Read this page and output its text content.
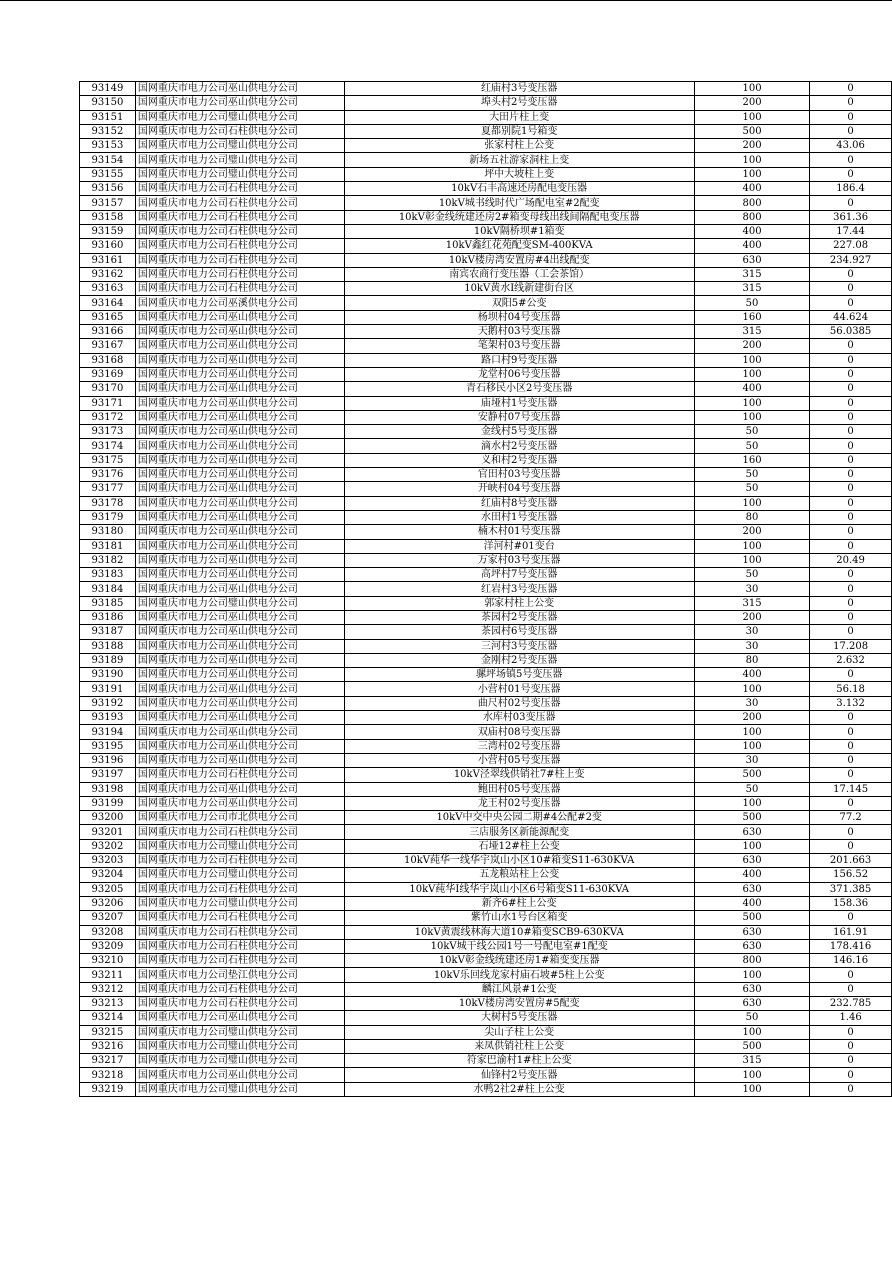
93149	国网重庆市电力公司巫山供电分公司	红庙村3号变压器	100	0
93150	国网重庆市电力公司巫山供电分公司	埠头村2号变压器	200	0
93151	国网重庆市电力公司璧山供电分公司	大田片柱上变	100	0
93152	国网重庆市电力公司石柱供电分公司	夏都别院1号箱变	500	0
93153	国网重庆市电力公司璧山供电分公司	张家村柱上公变	200	43.06
93154	国网重庆市电力公司璧山供电分公司	新场五社游家洞柱上变	100	0
93155	国网重庆市电力公司璧山供电分公司	坪中大坡柱上变	100	0
93156	国网重庆市电力公司石柱供电分公司	10kV石丰高速还房配电变压器	400	186.4
93157	国网重庆市电力公司石柱供电分公司	10kV城书线时代广场配电室#2配变	800	0
93158	国网重庆市电力公司石柱供电分公司	10kV彰金线统建还房2#箱变母线出线间隔配电变压器	800	361.36
93159	国网重庆市电力公司石柱供电分公司	10kV隔桥坝#1箱变	400	17.44
93160	国网重庆市电力公司石柱供电分公司	10kV鑫红花苑配变SM-400KVA	400	227.08
93161	国网重庆市电力公司石柱供电分公司	10kV楼房湾安置房#4出线配变	630	234.927
93162	国网重庆市电力公司石柱供电分公司	南宾农商行变压器（工会茶馆）	315	0
93163	国网重庆市电力公司石柱供电分公司	10kV黄水Ⅰ线新建街台区	315	0
93164	国网重庆市电力公司巫溪供电分公司	双阳5#公变	50	0
93165	国网重庆市电力公司巫山供电分公司	杨坝村04号变压器	160	44.624
93166	国网重庆市电力公司巫山供电分公司	天鹅村03号变压器	315	56.0385
93167	国网重庆市电力公司巫山供电分公司	笔架村03号变压器	200	0
93168	国网重庆市电力公司巫山供电分公司	路口村9号变压器	100	0
93169	国网重庆市电力公司巫山供电分公司	龙堂村06号变压器	100	0
93170	国网重庆市电力公司巫山供电分公司	青石移民小区2号变压器	400	0
93171	国网重庆市电力公司巫山供电分公司	庙垭村1号变压器	100	0
93172	国网重庆市电力公司巫山供电分公司	安静村07号变压器	100	0
93173	国网重庆市电力公司巫山供电分公司	金线村5号变压器	50	0
93174	国网重庆市电力公司巫山供电分公司	滴水村2号变压器	50	0
93175	国网重庆市电力公司巫山供电分公司	义和村2号变压器	160	0
93176	国网重庆市电力公司巫山供电分公司	官田村03号变压器	50	0
93177	国网重庆市电力公司巫山供电分公司	开峡村04号变压器	50	0
93178	国网重庆市电力公司巫山供电分公司	红庙村8号变压器	100	0
93179	国网重庆市电力公司巫山供电分公司	水田村1号变压器	80	0
93180	国网重庆市电力公司巫山供电分公司	楠木村01号变压器	200	0
93181	国网重庆市电力公司巫山供电分公司	洋河村#01变台	100	0
93182	国网重庆市电力公司巫山供电分公司	万家村03号变压器	100	20.49
93183	国网重庆市电力公司巫山供电分公司	高坪村7号变压器	50	0
93184	国网重庆市电力公司巫山供电分公司	红岩村3号变压器	30	0
93185	国网重庆市电力公司璧山供电分公司	郭家村柱上公变	315	0
93186	国网重庆市电力公司巫山供电分公司	茶园村2号变压器	200	0
93187	国网重庆市电力公司巫山供电分公司	茶园村6号变压器	30	0
93188	国网重庆市电力公司巫山供电分公司	三河村3号变压器	30	17.208
93189	国网重庆市电力公司巫山供电分公司	金刚村2号变压器	80	2.632
93190	国网重庆市电力公司巫山供电分公司	骡坪场镇5号变压器	400	0
93191	国网重庆市电力公司巫山供电分公司	小营村01号变压器	100	56.18
93192	国网重庆市电力公司巫山供电分公司	曲尺村02号变压器	30	3.132
93193	国网重庆市电力公司巫山供电分公司	水库村03变压器	200	0
93194	国网重庆市电力公司巫山供电分公司	双庙村08号变压器	100	0
93195	国网重庆市电力公司巫山供电分公司	三湾村02号变压器	100	0
93196	国网重庆市电力公司巫山供电分公司	小营村05号变压器	30	0
93197	国网重庆市电力公司石柱供电分公司	10kV泾翠线供销社7#柱上变	500	0
93198	国网重庆市电力公司巫山供电分公司	鲍田村05号变压器	50	17.145
93199	国网重庆市电力公司巫山供电分公司	龙王村02号变压器	100	0
93200	国网重庆市电力公司市北供电分公司	10kV中交中央公园二期#4公配#2变	500	77.2
93201	国网重庆市电力公司石柱供电分公司	三店服务区新能源配变	630	0
93202	国网重庆市电力公司璧山供电分公司	石垭12#柱上公变	100	0
93203	国网重庆市电力公司石柱供电分公司	10kV莼华一线华宇岚山小区10#箱变S11-630KVA	630	201.663
93204	国网重庆市电力公司璧山供电分公司	五龙粮站柱上公变	400	156.52
93205	国网重庆市电力公司石柱供电分公司	10kV莼华Ⅰ线华宇岚山小区6号箱变S11-630KVA	630	371.385
93206	国网重庆市电力公司璧山供电分公司	新齐6#柱上公变	400	158.36
93207	国网重庆市电力公司石柱供电分公司	紫竹山水1号台区箱变	500	0
93208	国网重庆市电力公司石柱供电分公司	10kV黄震线林海大道10#箱变SCB9-630KVA	630	161.91
93209	国网重庆市电力公司石柱供电分公司	10kV城干线公园1号一号配电室#1配变	630	178.416
93210	国网重庆市电力公司石柱供电分公司	10kV彰金线统建还房1#箱变变压器	800	146.16
93211	国网重庆市电力公司垫江供电分公司	10kV乐回线龙家村庙石坡#5柱上公变	100	0
93212	国网重庆市电力公司石柱供电分公司	麟江风景#1公变	630	0
93213	国网重庆市电力公司石柱供电分公司	10kV楼房湾安置房#5配变	630	232.785
93214	国网重庆市电力公司巫山供电分公司	大树村5号变压器	50	1.46
93215	国网重庆市电力公司璧山供电分公司	尖山子柱上公变	100	0
93216	国网重庆市电力公司璧山供电分公司	来凤供销社柱上公变	500	0
93217	国网重庆市电力公司璧山供电分公司	符家巴渝村1#柱上公变	315	0
93218	国网重庆市电力公司巫山供电分公司	仙锋村2号变压器	100	0
93219	国网重庆市电力公司璧山供电分公司	水鸭2社2#柱上公变	100	0
